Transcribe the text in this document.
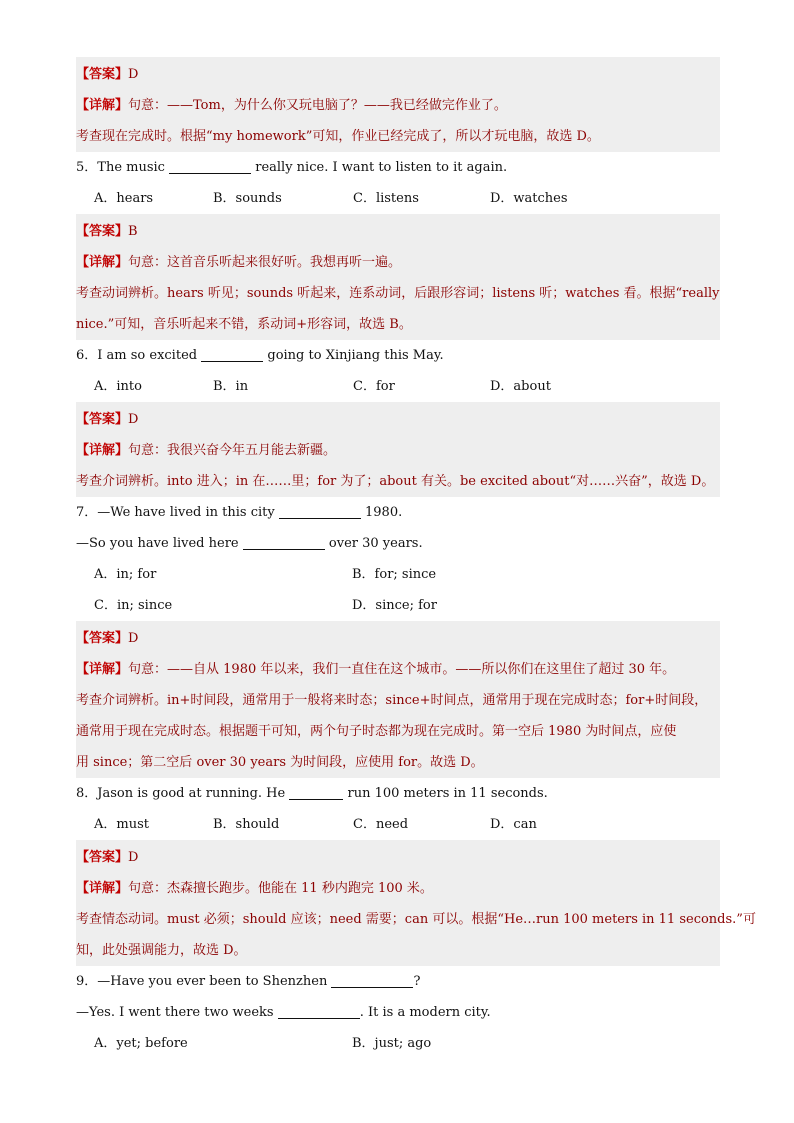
【答案】D
【详解】句意：——Tom，为什么你又玩电脑了？——我已经做完作业了。
考查现在完成时。根据“my homework”可知，作业已经完成了，所以才玩电脑，故选 D。
5．The music	really nice. I want to listen to it again.
A．hears	B．sounds	C．listens	D．watches
【答案】B
【详解】句意：这首音乐听起来很好听。我想再听一遍。
考查动词辨析。hears 听见；sounds 听起来，连系动词，后跟形容词；listens 听；watches 看。根据“really
nice.”可知，音乐听起来不错，系动词+形容词，故选 B。
6．I am so excited	going to Xinjiang this May.
A．into	B．in	C．for	D．about
【答案】D
【详解】句意：我很兴奋今年五月能去新疆。
考查介词辨析。into 进入；in 在……里；for 为了；about 有关。be excited about“对……兴奋”，故选 D。
7．—We have lived in this city	1980.
—So you have lived here	over 30 years.
A．in; for	B．for; since
C．in; since	D．since; for
【答案】D
【详解】句意：——自从 1980 年以来，我们一直住在这个城市。——所以你们在这里住了超过 30 年。
考查介词辨析。in+时间段，通常用于一般将来时态；since+时间点，通常用于现在完成时态；for+时间段，
通常用于现在完成时态。根据题干可知，两个句子时态都为现在完成时。第一空后 1980 为时间点，应使
用 since；第二空后 over 30 years 为时间段，应使用 for。故选 D。
8．Jason is good at running. He	run 100 meters in 11 seconds.
A．must	B．should	C．need	D．can
【答案】D
【详解】句意：杰森擅长跑步。他能在 11 秒内跑完 100 米。
考查情态动词。must 必须；should 应该；need 需要；can 可以。根据“He…run 100 meters in 11 seconds.”可
知，此处强调能力，故选 D。
9．—Have you ever been to Shenzhen	?
—Yes. I went there two weeks	. It is a modern city.
A．yet; before	B．just; ago
